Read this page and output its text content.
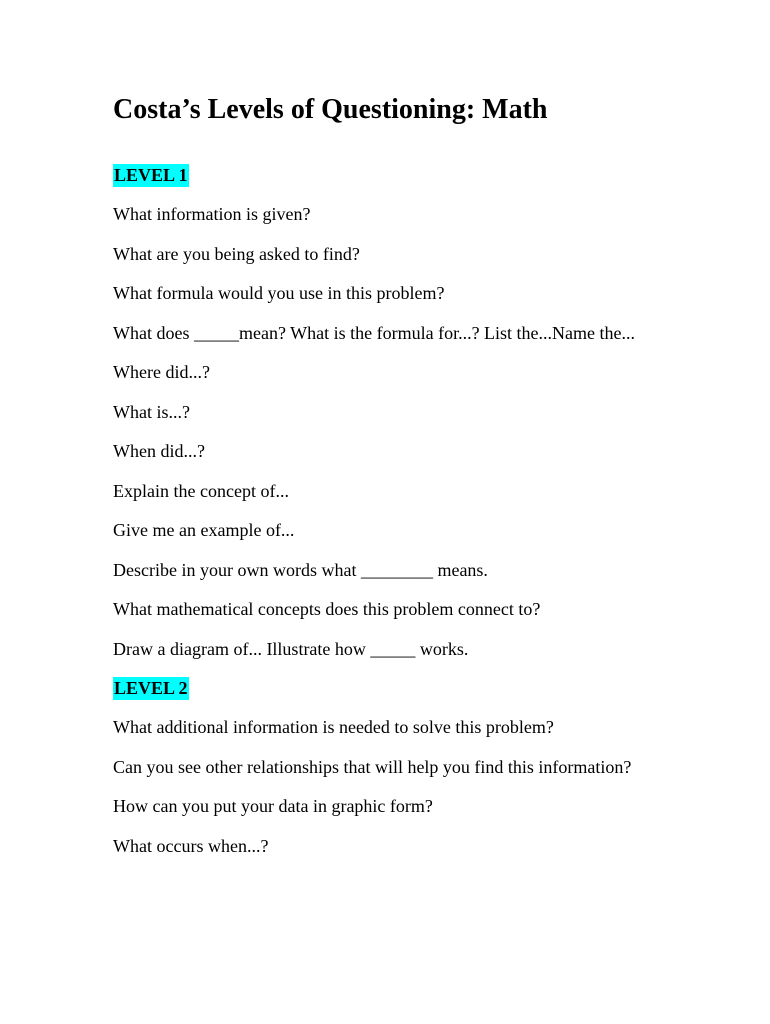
Costa’s Levels of Questioning: Math
LEVEL 1

What information is given?

What are you being asked to find?

What formula would you use in this problem?

What does _____mean? What is the formula for...? List the...Name the...

Where did...?

What is...?

When did...?

Explain the concept of...

Give me an example of...

Describe in your own words what ________ means.

What mathematical concepts does this problem connect to?

Draw a diagram of... Illustrate how _____ works.

LEVEL 2

What additional information is needed to solve this problem?

Can you see other relationships that will help you find this information?

How can you put your data in graphic form?

What occurs when...?
